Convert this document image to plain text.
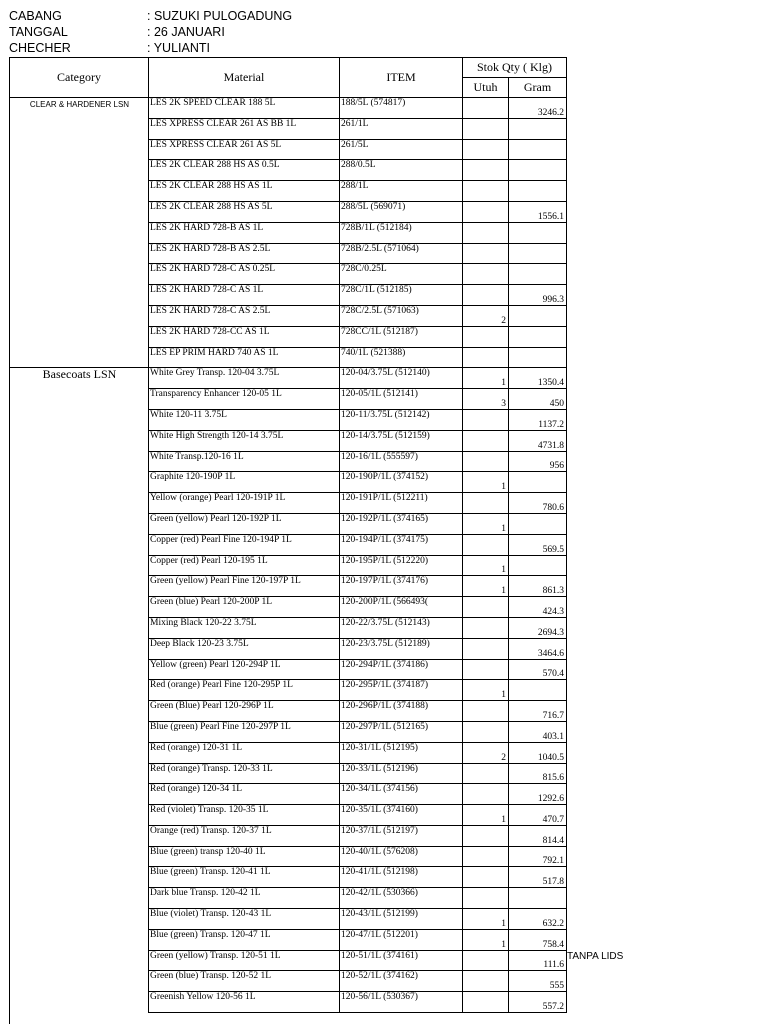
CABANG	: SUZUKI PULOGADUNG
TANGGAL	: 26 JANUARI
CHECHER	: YULIANTI
Category	Material	ITEM	Stok Qty ( Klg)	
			Utuh	Gram

CLEAR & HARDENER LSN	LES 2K SPEED CLEAR 188 5L	188/5L (574817)		3246.2
	LES XPRESS CLEAR 261 AS BB 1L	261/1L		
	LES XPRESS CLEAR 261 AS 5L	261/5L		
	LES 2K CLEAR 288 HS AS 0.5L	288/0.5L		
	LES 2K CLEAR 288 HS AS 1L	288/1L		
	LES 2K CLEAR 288 HS AS 5L	288/5L (569071)		1556.1
	LES 2K HARD 728-B AS 1L	728B/1L (512184)		
	LES 2K HARD 728-B AS 2.5L	728B/2.5L (571064)		
	LES 2K HARD 728-C AS 0.25L	728C/0.25L		
	LES 2K HARD 728-C AS 1L	728C/1L (512185)		996.3
	LES 2K HARD 728-C AS 2.5L	728C/2.5L (571063)	2	
	LES 2K HARD 728-CC AS 1L	728CC/1L (512187)		
	LES EP PRIM HARD 740 AS 1L	740/1L (521388)		

Basecoats LSN	White Grey Transp. 120-04 3.75L	120-04/3.75L (512140)	1	1350.4
	Transparency Enhancer 120-05 1L	120-05/1L (512141)	3	450
	White 120-11 3.75L	120-11/3.75L (512142)		1137.2
	White High Strength 120-14 3.75L	120-14/3.75L (512159)		4731.8
	White Transp.120-16 1L	120-16/1L (555597)		956
	Graphite 120-190P 1L	120-190P/1L (374152)	1	
	Yellow (orange) Pearl 120-191P 1L	120-191P/1L (512211)		780.6
	Green (yellow) Pearl 120-192P 1L	120-192P/1L (374165)	1	
	Copper (red) Pearl Fine 120-194P 1L	120-194P/1L (374175)		569.5
	Copper (red) Pearl 120-195 1L	120-195P/1L (512220)	1	
	Green (yellow) Pearl Fine 120-197P 1L	120-197P/1L (374176)	1	861.3
	Green (blue) Pearl 120-200P 1L	120-200P/1L (566493(		424.3
	Mixing Black 120-22 3.75L	120-22/3.75L (512143)		2694.3
	Deep Black 120-23 3.75L	120-23/3.75L (512189)		3464.6
	Yellow (green) Pearl 120-294P 1L	120-294P/1L (374186)		570.4
	Red (orange) Pearl Fine 120-295P 1L	120-295P/1L (374187)	1	
	Green (Blue) Pearl 120-296P 1L	120-296P/1L (374188)		716.7
	Blue (green) Pearl Fine 120-297P 1L	120-297P/1L (512165)		403.1
	Red (orange) 120-31 1L	120-31/1L (512195)	2	1040.5
	Red (orange) Transp. 120-33 1L	120-33/1L (512196)		815.6
	Red (orange) 120-34 1L	120-34/1L (374156)		1292.6
	Red (violet) Transp. 120-35 1L	120-35/1L (374160)	1	470.7
	Orange (red) Transp. 120-37 1L	120-37/1L (512197)		814.4
	Blue (green) transp 120-40 1L	120-40/1L (576208)		792.1
	Blue (green) Transp. 120-41 1L	120-41/1L (512198)		517.8
	Dark blue Transp. 120-42 1L	120-42/1L (530366)		
	Blue (violet) Transp. 120-43 1L	120-43/1L (512199)	1	632.2
	Blue (green) Transp. 120-47 1L	120-47/1L (512201)	1	758.4
	Green (yellow) Transp. 120-51 1L	120-51/1L (374161)		111.6
	Green (blue) Transp. 120-52 1L	120-52/1L (374162)		555
	Greenish Yellow 120-56 1L	120-56/1L (530367)		557.2
TANPA LIDS
